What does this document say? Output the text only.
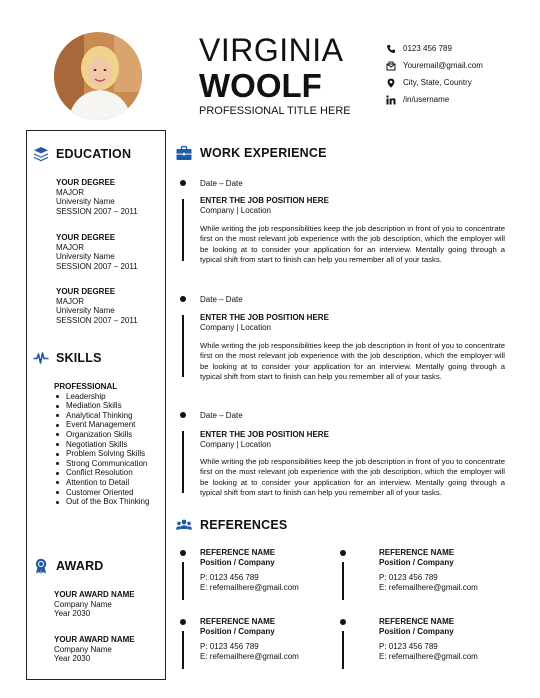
VIRGINIA
WOOLF
PROFESSIONAL TITLE HERE
0123 456 789
Youremail@gmail.com
City, State, Country
/in/username
EDUCATION
YOUR DEGREE
MAJOR
University Name
SESSION 2007 – 2011
YOUR DEGREE
MAJOR
University Name
SESSION 2007 – 2011
YOUR DEGREE
MAJOR
University Name
SESSION 2007 – 2011
SKILLS
PROFESSIONAL
Leadership
Mediation Skills
Analytical Thinking
Event Management
Organization Skills
Negotiation Skills
Problem Solving Skills
Strong Communication
Conflict Resolution
Attention to Detail
Customer Oriented
Out of the Box Thinking
AWARD
YOUR AWARD NAME
Company Name
Year 2030
YOUR AWARD NAME
Company Name
Year 2030
WORK EXPERIENCE
Date – Date
ENTER THE JOB POSITION HERE
Company | Location
While writing the job responsibilities keep the job description in front of you to concentrate first on the most relevant job experience with the job description, which the employer will be looking at to consider your application for an interview. Mentally going through a typical shift from start to finish can help you remember all of your tasks.
Date – Date
ENTER THE JOB POSITION HERE
Company | Location
While writing the job responsibilities keep the job description in front of you to concentrate first on the most relevant job experience with the job description, which the employer will be looking at to consider your application for an interview. Mentally going through a typical shift from start to finish can help you remember all of your tasks.
Date – Date
ENTER THE JOB POSITION HERE
Company | Location
While writing the job responsibilities keep the job description in front of you to concentrate first on the most relevant job experience with the job description, which the employer will be looking at to consider your application for an interview. Mentally going through a typical shift from start to finish can help you remember all of your tasks.
REFERENCES
REFERENCE NAME
Position / Company
P: 0123 456 789
E: refemailhere@gmail.com
REFERENCE NAME
Position / Company
P: 0123 456 789
E: refemailhere@gmail.com
REFERENCE NAME
Position / Company
P: 0123 456 789
E: refemailhere@gmail.com
REFERENCE NAME
Position / Company
P: 0123 456 789
E: refemailhere@gmail.com
